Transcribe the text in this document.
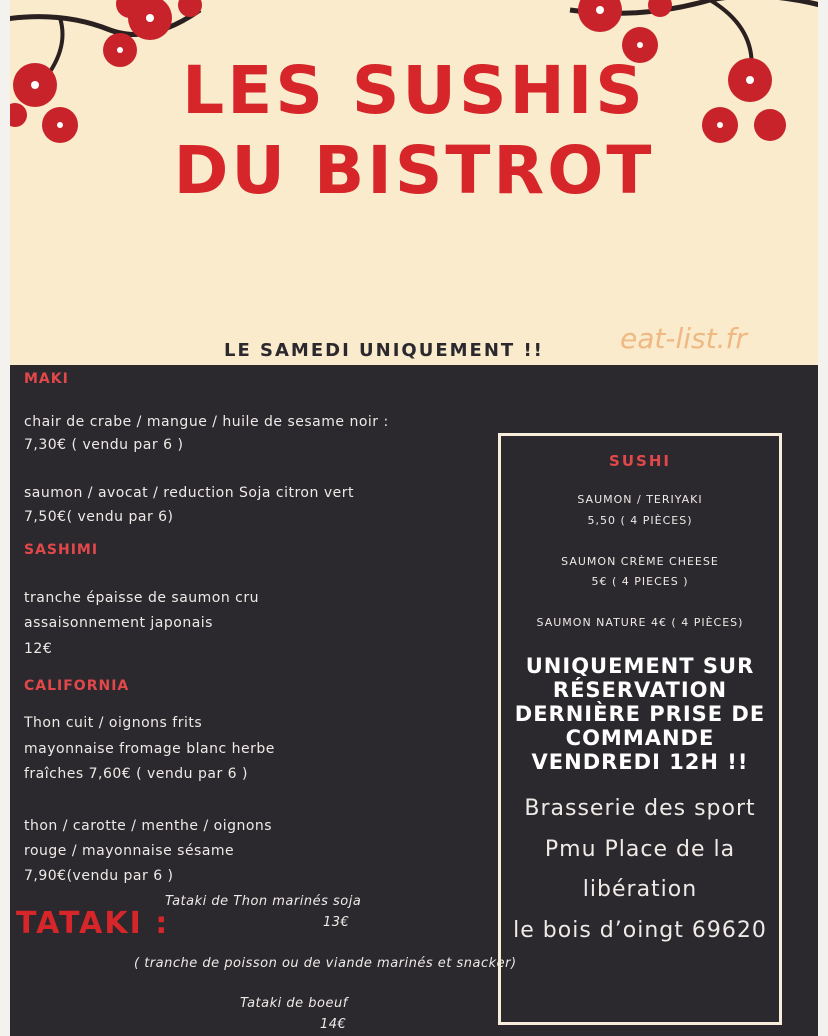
LES SUSHIS
DU BISTROT
LE SAMEDI UNIQUEMENT !!	eat-list.fr
MAKI
chair de crabe / mangue / huile de sesame noir :
7,30€ ( vendu par 6 )
saumon / avocat / reduction Soja citron vert
7,50€( vendu par 6)
SASHIMI
tranche épaisse de saumon cru
assaisonnement japonais
12€
CALIFORNIA
Thon cuit / oignons frits
mayonnaise fromage blanc herbe
fraîches 7,60€ ( vendu par 6 )
thon / carotte / menthe / oignons
rouge / mayonnaise sésame
7,90€(vendu par 6 )
TATAKI :
Tataki de Thon marinés soja
13€
( tranche de poisson ou de viande marinés et snacker)
Tataki de boeuf
14€
SUSHI
SAUMON / TERIYAKI
5,50 ( 4 PIÈCES)
SAUMON CRÈME CHEESE
5€ ( 4 PIECES )
SAUMON NATURE 4€ ( 4 PIÈCES)
UNIQUEMENT SUR
RÉSERVATION
DERNIÈRE PRISE DE
COMMANDE
VENDREDI 12H !!
Brasserie des sport
Pmu Place de la
libération
le bois d’oingt 69620
